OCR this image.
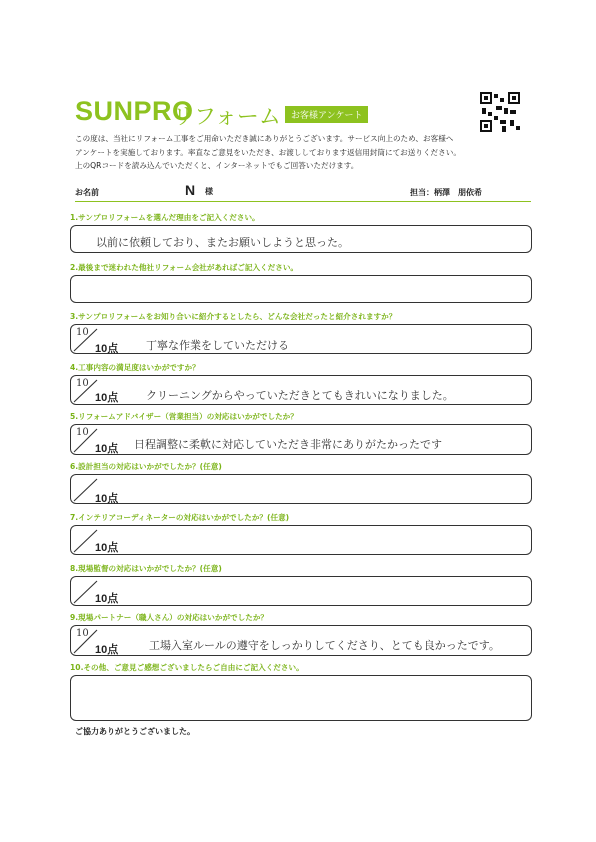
SUNPRO
リフォーム	お客様アンケート
この度は、当社にリフォーム工事をご用命いただき誠にありがとうございます。サービス向上のため、お客様へ
アンケートを実施しております。率直なご意見をいただき、お渡ししております返信用封筒にてお送りください。
上のQRコードを読み込んでいただくと、インターネットでもご回答いただけます。
お名前	N 様	担当：柄澤　朋依希
1.サンプロリフォームを選んだ理由をご記入ください。
以前に依頼しており、またお願いしようと思った。
2.最後まで迷われた他社リフォーム会社があればご記入ください。
3.サンプロリフォームをお知り合いに紹介するとしたら、どんな会社だったと紹介されますか？
10
10点	丁寧な作業をしていただける
4.工事内容の満足度はいかがですか？
10
10点	クリーニングからやっていただきとてもきれいになりました。
5.リフォームアドバイザー（営業担当）の対応はいかがでしたか？
10
10点 日程調整に柔軟に対応していただき非常にありがたかったです
6.設計担当の対応はいかがでしたか？(任意)
10点
7.インテリアコーディネーターの対応はいかがでしたか？(任意)
10点
8.現場監督の対応はいかがでしたか？(任意)
10点
9.現場パートナー（職人さん）の対応はいかがでしたか？
10
10点	工場入室ルールの遵守をしっかりしてくださり、とても良かったです。
10.その他、ご意見ご感想ございましたらご自由にご記入ください。
ご協力ありがとうございました。
